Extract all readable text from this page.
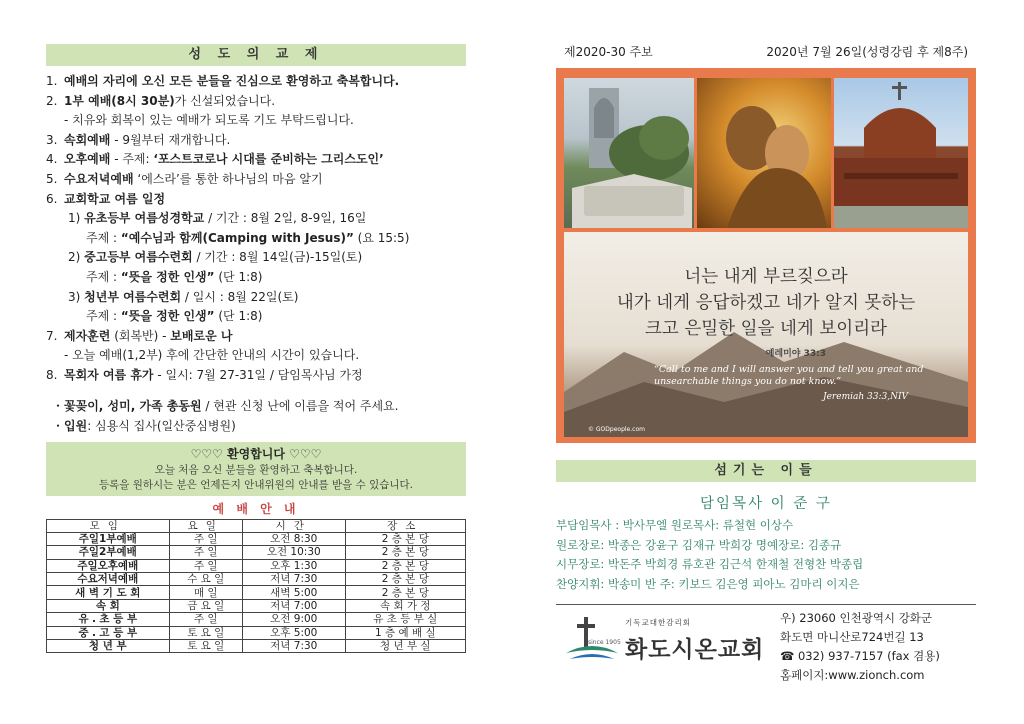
성 도 의 교 제
1. 예배의 자리에 오신 모든 분들을 진심으로 환영하고 축복합니다.
2. 1부 예배(8시 30분)가 신설되었습니다.
- 치유와 회복이 있는 예배가 되도록 기도 부탁드립니다.
3. 속회예배 - 9월부터 재개합니다.
4. 오후예배 - 주제: ‘포스트코로나 시대를 준비하는 그리스도인’
5. 수요저녁예배 ‘에스라’를 통한 하나님의 마음 알기
6. 교회학교 여름 일정
1) 유초등부 여름성경학교 / 기간 : 8월 2일, 8-9일, 16일
주제 : “예수님과 함께(Camping with Jesus)” (요 15:5)
2) 중고등부 여름수련회 / 기간 : 8월 14일(금)-15일(토)
주제 : “뜻을 정한 인생” (단 1:8)
3) 청년부 여름수련회 / 일시 : 8월 22일(토)
주제 : “뜻을 정한 인생” (단 1:8)
7. 제자훈련 (회복반) - 보배로운 나
- 오늘 예배(1,2부) 후에 간단한 안내의 시간이 있습니다.
8. 목회자 여름 휴가 - 일시: 7월 27-31일 / 담임목사님 가정
・꽃꽂이, 성미, 가족 총동원 / 현관 신청 난에 이름을 적어 주세요.
・입원: 심용식 집사(일산중심병원)
♡♡♡ 환영합니다 ♡♡♡
오늘 처음 오신 분들을 환영하고 축복합니다.
등록을 원하시는 분은 언제든지 안내위원의 안내를 받을 수 있습니다.
예 배 안 내
모임	요일	시간	장소
주일1부예배	주 일	오전 8:30	2 층 본 당
주일2부예배	주 일	오전 10:30	2 층 본 당
주일오후예배	주 일	오후 1:30	2 층 본 당
수요저녁예배	수 요 일	저녁 7:30	2 층 본 당
새 벽 기 도 회	매 일	새벽 5:00	2 층 본 당
속 회	금 요 일	저녁 7:00	속 회 가 정
유 ․ 초 등 부	주 일	오전 9:00	유 초 등 부 실
중 ․ 고 등 부	토 요 일	오후 5:00	1 층 예 배 실
청 년 부	토 요 일	저녁 7:30	청 년 부 실
제2020-30 주보	2020년 7월 26일(성령강림 후 제8주)
너는 내게 부르짖으라
내가 네게 응답하겠고 네가 알지 못하는
크고 은밀한 일을 네게 보이리라
예레미야 33:3
“Call to me and I will answer you and tell you great and unsearchable things you do not know.”
Jeremiah 33:3,NIV
© GODpeople.com
섬기는 이들
담임목사 이 준 구
부담임목사 : 박사무엘 원로목사: 류철현 이상수
원로장로: 박종은 강윤구 김재규 박희강 명예장로: 김종규
시무장로: 박돈주 박희경 류호관 김근석 한재철 전형찬 박종립
찬양지휘: 박송미 반 주: 키보드 김은영 피아노 김마리 이지은
기독교대한감리회
since 1905 화도시온교회
우) 23060 인천광역시 강화군
화도면 마니산로724번길 13
☎ 032) 937-7157 (fax 겸용)
홈페이지:www.zionch.com
